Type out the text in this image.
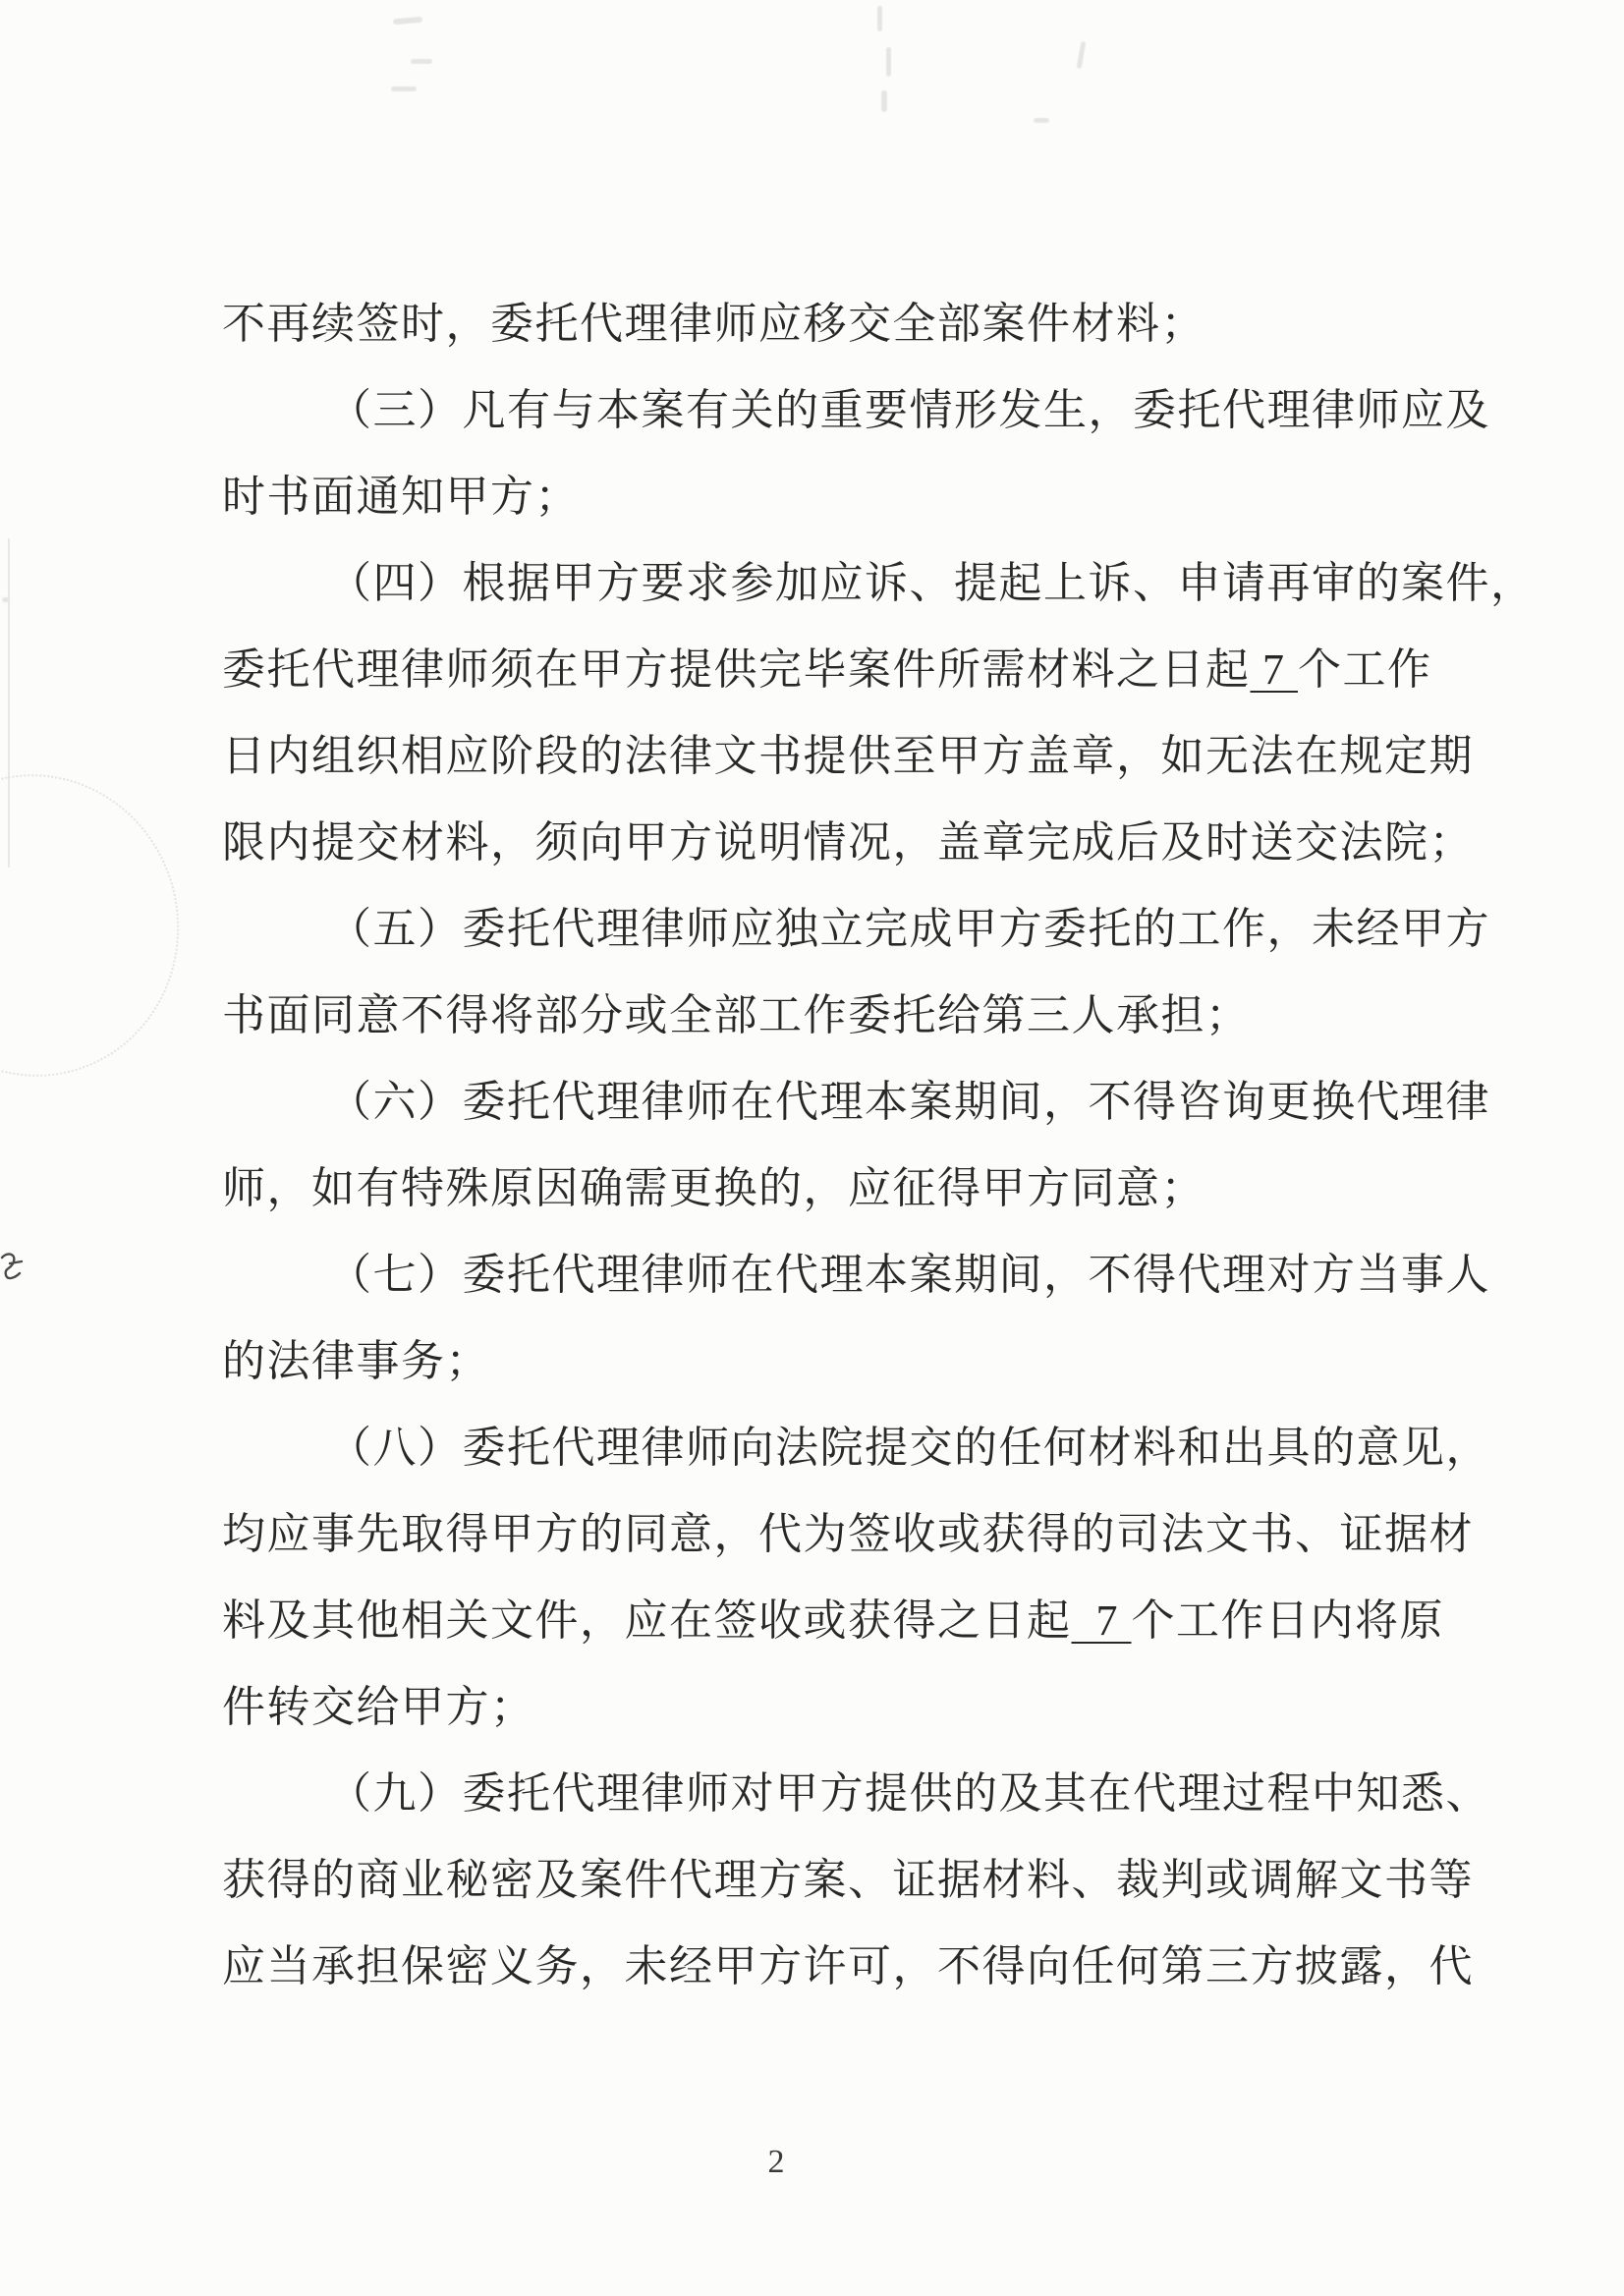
不再续签时，委托代理律师应移交全部案件材料；
（三）凡有与本案有关的重要情形发生，委托代理律师应及
时书面通知甲方；
（四）根据甲方要求参加应诉、提起上诉、申请再审的案件，
委托代理律师须在甲方提供完毕案件所需材料之日起 7 个工作
日内组织相应阶段的法律文书提供至甲方盖章，如无法在规定期
限内提交材料，须向甲方说明情况，盖章完成后及时送交法院；
（五）委托代理律师应独立完成甲方委托的工作，未经甲方
书面同意不得将部分或全部工作委托给第三人承担；
（六）委托代理律师在代理本案期间，不得咨询更换代理律
师，如有特殊原因确需更换的，应征得甲方同意；
（七）委托代理律师在代理本案期间，不得代理对方当事人
的法律事务；
（八）委托代理律师向法院提交的任何材料和出具的意见，
均应事先取得甲方的同意，代为签收或获得的司法文书、证据材
料及其他相关文件，应在签收或获得之日起  7 个工作日内将原
件转交给甲方；
（九）委托代理律师对甲方提供的及其在代理过程中知悉、
获得的商业秘密及案件代理方案、证据材料、裁判或调解文书等
应当承担保密义务，未经甲方许可，不得向任何第三方披露，代
2
